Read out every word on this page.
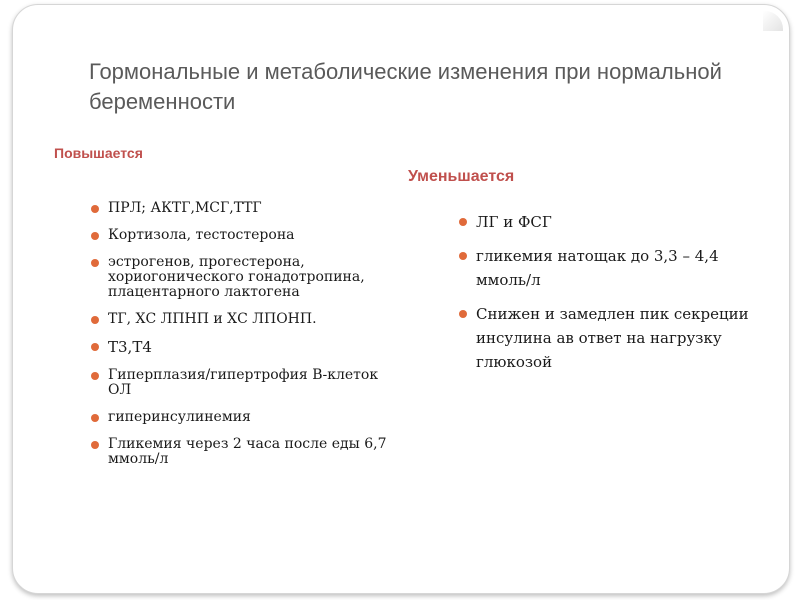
Гормональные и метаболические изменения при нормальной беременности
Повышается
Уменьшается
ПРЛ; АКТГ,МСГ,ТТГ
Кортизола, тестостерона
эстрогенов, прогестерона, хориогонического гонадотропина, плацентарного лактогена
ТГ, ХС ЛПНП и ХС ЛПОНП.
Т3,Т4
Гиперплазия/гипертрофия В-клеток ОЛ
гиперинсулинемия
Гликемия через 2 часа после еды 6,7 ммоль/л
ЛГ и ФСГ
гликемия натощак до 3,3 – 4,4 ммоль/л
Снижен и замедлен пик секреции инсулина ав ответ на нагрузку глюкозой
